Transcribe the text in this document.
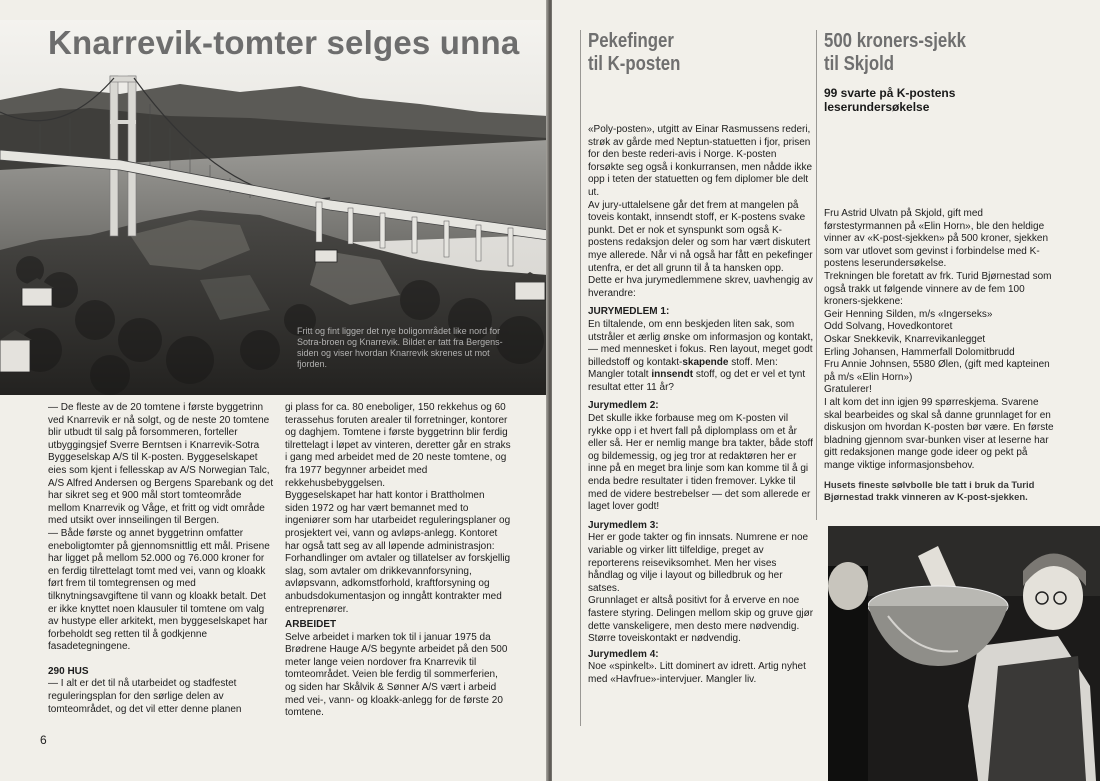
Knarrevik-tomter selges unna
Fritt og fint ligger det nye boligområdet like nord for Sotra-broen og Knarrevik. Bildet er tatt fra Bergens-siden og viser hvordan Knarrevik skrenes ut mot fjorden.

— De fleste av de 20 tomtene i første byggetrinn ved Knarrevik er nå solgt, og de neste 20 tomtene blir utbudt til salg på forsommeren, forteller utbyggingsjef Sverre Berntsen i Knarrevik-Sotra Byggeselskap A/S til K-posten. Byggeselskapet eies som kjent i fellesskap av A/S Norwegian Talc, A/S Alfred Andersen og Bergens Sparebank og det har sikret seg et 900 mål stort tomteområde mellom Knarrevik og Våge, et fritt og vidt område med utsikt over innseilingen til Bergen.

— Både første og annet byggetrinn omfatter eneboligtomter på gjennomsnittlig ett mål. Prisene har ligget på mellom 52.000 og 76.000 kroner for en ferdig tilrettelagt tomt med vei, vann og kloakk ført frem til tomtegrensen og med tilknytningsavgiftene til vann og kloakk betalt. Det er ikke knyttet noen klausuler til tomtene om valg av hustype eller arkitekt, men byggeselskapet har forbeholdt seg retten til å godkjenne fasadetegningene.

290 HUS

— I alt er det til nå utarbeidet og stadfestet reguleringsplan for den sørlige delen av tomteområdet, og det vil etter denne planen

gi plass for ca. 80 eneboliger, 150 rekkehus og 60 terassehus foruten arealer til forretninger, kontorer og daghjem. Tomtene i første byggetrinn blir ferdig tilrettelagt i løpet av vinteren, deretter går en straks i gang med arbeidet med de 20 neste tomtene, og fra 1977 begynner arbeidet med rekkehusbebyggelsen.

Byggeselskapet har hatt kontor i Brattholmen siden 1972 og har vært bemannet med to ingeniører som har utarbeidet reguleringsplaner og prosjektert vei, vann og avløps-anlegg. Kontoret har også tatt seg av all løpende administrasjon: Forhandlinger om avtaler og tillatelser av forskjellig slag, som avtaler om drikkevannforsyning, avløpsvann, adkomstforhold, kraftforsyning og anbudsdokumentasjon og inngått kontrakter med entreprenører.

ARBEIDET

Selve arbeidet i marken tok til i januar 1975 da Brødrene Hauge A/S begynte arbeidet på den 500 meter lange veien nordover fra Knarrevik til tomteområdet. Veien ble ferdig til sommerferien, og siden har Skålvik & Sønner A/S vært i arbeid med vei-, vann- og kloakk-anlegg for de første 20 tomtene.

6
Pekefinger
til K-posten

«Poly-posten», utgitt av Einar Rasmussens rederi, strøk av gårde med Neptun-statuetten i fjor, prisen for den beste rederi-avis i Norge. K-posten forsøkte seg også i konkurransen, men nådde ikke opp i teten der statuetten og fem diplomer ble delt ut.

Av jury-uttalelsene går det frem at mangelen på toveis kontakt, innsendt stoff, er K-postens svake punkt. Det er nok et synspunkt som også K-postens redaksjon deler og som har vært diskutert mye allerede. Når vi nå også har fått en pekefinger utenfra, er det all grunn til å ta hansken opp.

Dette er hva jurymedlemmene skrev, uavhengig av hverandre:

JURYMEDLEM 1:

En tiltalende, om enn beskjeden liten sak, som utstråler et ærlig ønske om informasjon og kontakt, — med mennesket i fokus. Ren layout, meget godt billedstoff og kontakt-skapende stoff. Men: Mangler totalt innsendt stoff, og det er vel et tynt resultat etter 11 år?

Jurymedlem 2:

Det skulle ikke forbause meg om K-posten vil rykke opp i et hvert fall på diplomplass om et år eller så. Her er nemlig mange bra takter, både stoff og bildemessig, og jeg tror at redaktøren her er inne på en meget bra linje som kan komme til å gi enda bedre resultater i tiden fremover. Lykke til med de videre bestrebelser — det som allerede er laget lover godt!

Jurymedlem 3:

Her er gode takter og fin innsats. Numrene er noe variable og virker litt tilfeldige, preget av reporterens reiseviksomhet. Men her vises håndlag og vilje i layout og billedbruk og her satses.

Grunnlaget er altså positivt for å erverve en noe fastere styring. Delingen mellom skip og gruve gjør dette vanskeligere, men desto mere nødvendig. Større toveiskontakt er nødvendig.

Jurymedlem 4:

Noe «spinkelt». Litt dominert av idrett. Artig nyhet med «Havfrue»-intervjuer. Mangler liv.

500 kroners-sjekk
til Skjold
99 svarte på K-postens leserundersøkelse

Fru Astrid Ulvatn på Skjold, gift med førstestyrmannen på «Elin Horn», ble den heldige vinner av «K-post-sjekken» på 500 kroner, sjekken som var utlovet som gevinst i forbindelse med K-postens leserundersøkelse.

Trekningen ble foretatt av frk. Turid Bjørnestad som også trakk ut følgende vinnere av de fem 100 kroners-sjekkene:

Geir Henning Silden, m/s «Ingerseks»

Odd Solvang, Hovedkontoret

Oskar Snekkevik, Knarrevikanlegget

Erling Johansen, Hammerfall Dolomitbrudd

Fru Annie Johnsen, 5580 Ølen, (gift med kapteinen på m/s «Elin Horn»)

Gratulerer!

I alt kom det inn igjen 99 spørreskjema. Svarene skal bearbeides og skal så danne grunnlaget for en diskusjon om hvordan K-posten bør være. En første bladning gjennom svar-bunken viser at leserne har gitt redaksjonen mange gode ideer og pekt på mange viktige informasjonsbehov.

Husets fineste sølvbolle ble tatt i bruk da Turid Bjørnestad trakk vinneren av K-post-sjekken.
